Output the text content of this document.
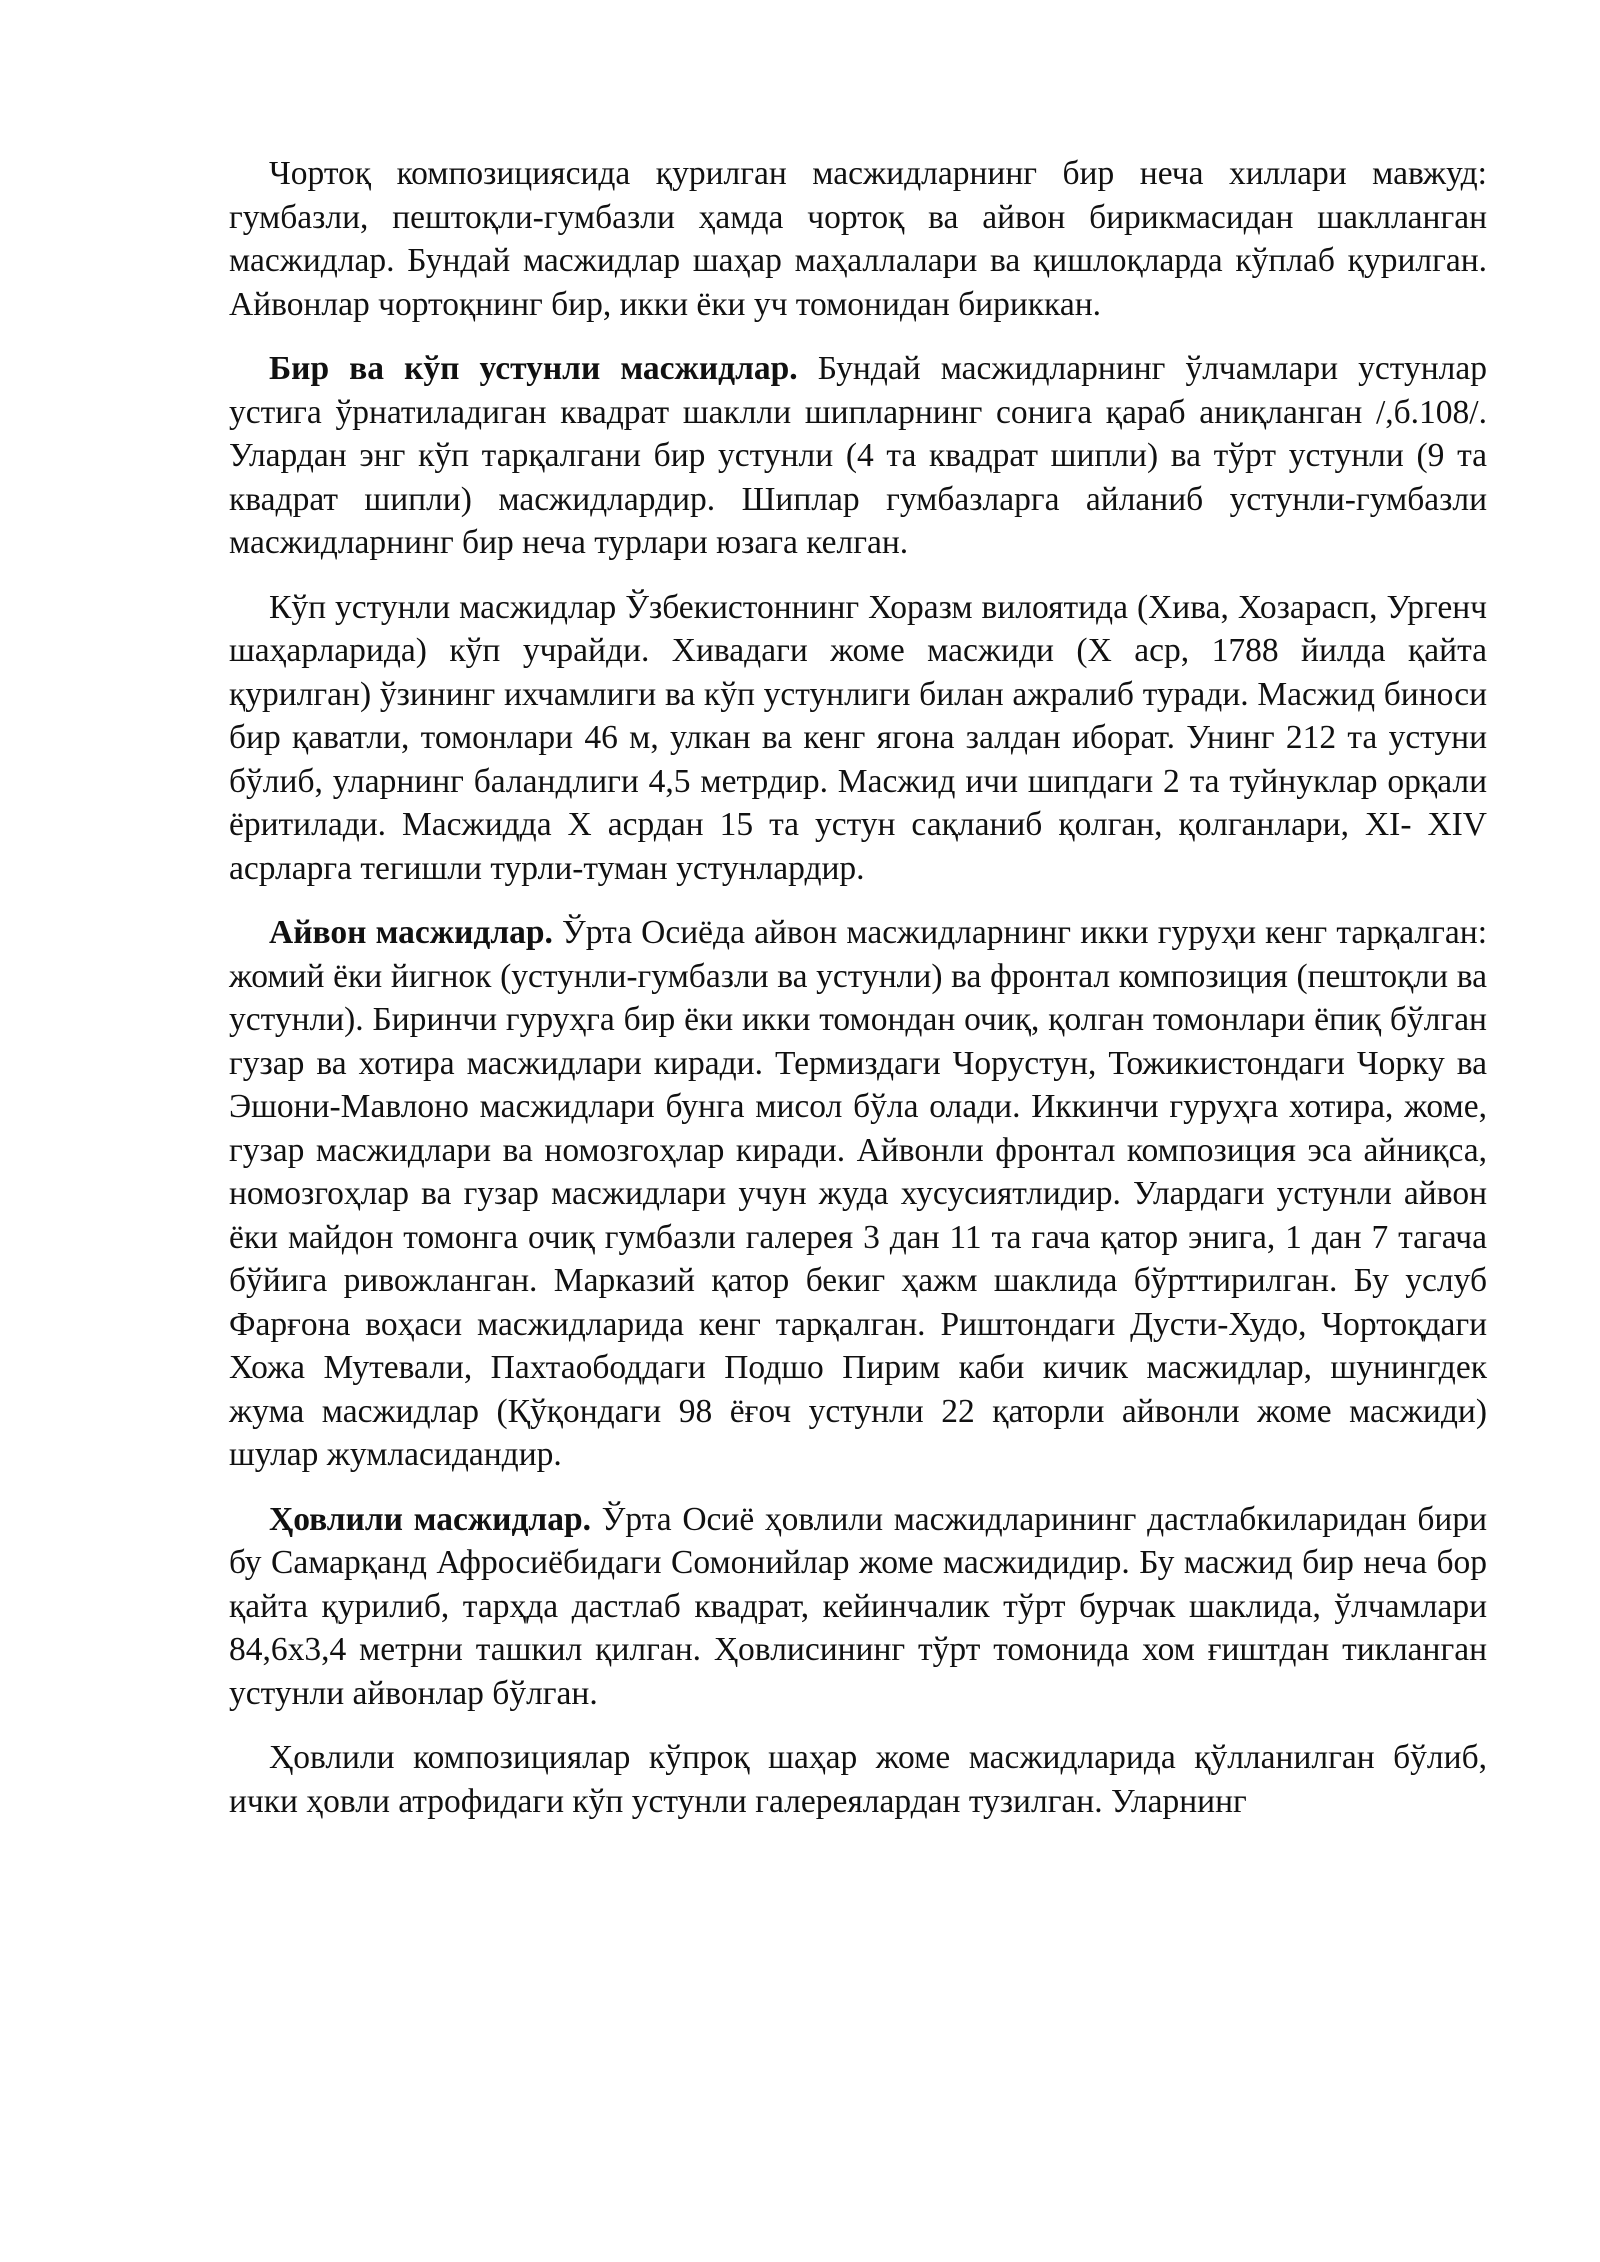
Чортоқ композициясида қурилган масжидларнинг бир неча хиллари мавжуд: гумбазли, пештоқли-гумбазли ҳамда чортоқ ва айвон бирикмасидан шаклланган масжидлар. Бундай масжидлар шаҳар маҳаллалари ва қишлоқларда кўплаб қурилган. Айвонлар чортоқнинг бир, икки ёки уч томонидан бириккан.

Бир ва кўп устунли масжидлар. Бундай масжидларнинг ўлчамлари устунлар устига ўрнатиладиган квадрат шаклли шипларнинг сонига қараб аниқланган /,б.108/. Улардан энг кўп тарқалгани бир устунли (4 та квадрат шипли) ва тўрт устунли (9 та квадрат шипли) масжидлардир. Шиплар гумбазларга айланиб устунли-гумбазли масжидларнинг бир неча турлари юзага келган.

Кўп устунли масжидлар Ўзбекистоннинг Хоразм вилоятида (Хива, Хозарасп, Ургенч шаҳарларида) кўп учрайди. Хивадаги жоме масжиди (X аср, 1788 йилда қайта қурилган) ўзининг ихчамлиги ва кўп устунлиги билан ажралиб туради. Масжид биноси бир қаватли, томонлари 46 м, улкан ва кенг ягона залдан иборат. Унинг 212 та устуни бўлиб, уларнинг баландлиги 4,5 метрдир. Масжид ичи шипдаги 2 та туйнуклар орқали ёритилади. Масжидда X асрдан 15 та устун сақланиб қолган, қолганлари, XI- XIV асрларга тегишли турли-туман устунлардир.

Айвон масжидлар. Ўрта Осиёда айвон масжидларнинг икки гуруҳи кенг тарқалган: жомий ёки йигнок (устунли-гумбазли ва устунли) ва фронтал композиция (пештоқли ва устунли). Биринчи гуруҳга бир ёки икки томондан очиқ, қолган томонлари ёпиқ бўлган гузар ва хотира масжидлари киради. Термиздаги Чорустун, Тожикистондаги Чорку ва Эшони-Мавлоно масжидлари бунга мисол бўла олади. Иккинчи гуруҳга хотира, жоме, гузар масжидлари ва номозгоҳлар киради. Айвонли фронтал композиция эса айниқса, номозгоҳлар ва гузар масжидлари учун жуда хусусиятлидир. Улардаги устунли айвон ёки майдон томонга очиқ гумбазли галерея 3 дан 11 та гача қатор энига, 1 дан 7 тагача бўйига ривожланган. Марказий қатор бекиг ҳажм шаклида бўрттирилган. Бу услуб Фарғона воҳаси масжидларида кенг тарқалган. Риштондаги Дусти-Худо, Чортоқдаги Хожа Мутевали, Пахтаободдаги Подшо Пирим каби кичик масжидлар, шунингдек жума масжидлар (Қўқондаги 98 ёғоч устунли 22 қаторли айвонли жоме масжиди) шулар жумласидандир.

Ҳовлили масжидлар. Ўрта Осиё ҳовлили масжидларининг дастлабкиларидан бири бу Самарқанд Афросиёбидаги Сомонийлар жоме масжидидир. Бу масжид бир неча бор қайта қурилиб, тарҳда дастлаб квадрат, кейинчалик тўрт бурчак шаклида, ўлчамлари 84,6х3,4 метрни ташкил қилган. Ҳовлисининг тўрт томонида хом ғиштдан тикланган устунли айвонлар бўлган.

Ҳовлили композициялар кўпроқ шаҳар жоме масжидларида қўлланилган бўлиб, ички ҳовли атрофидаги кўп устунли галереялардан тузилган. Уларнинг
